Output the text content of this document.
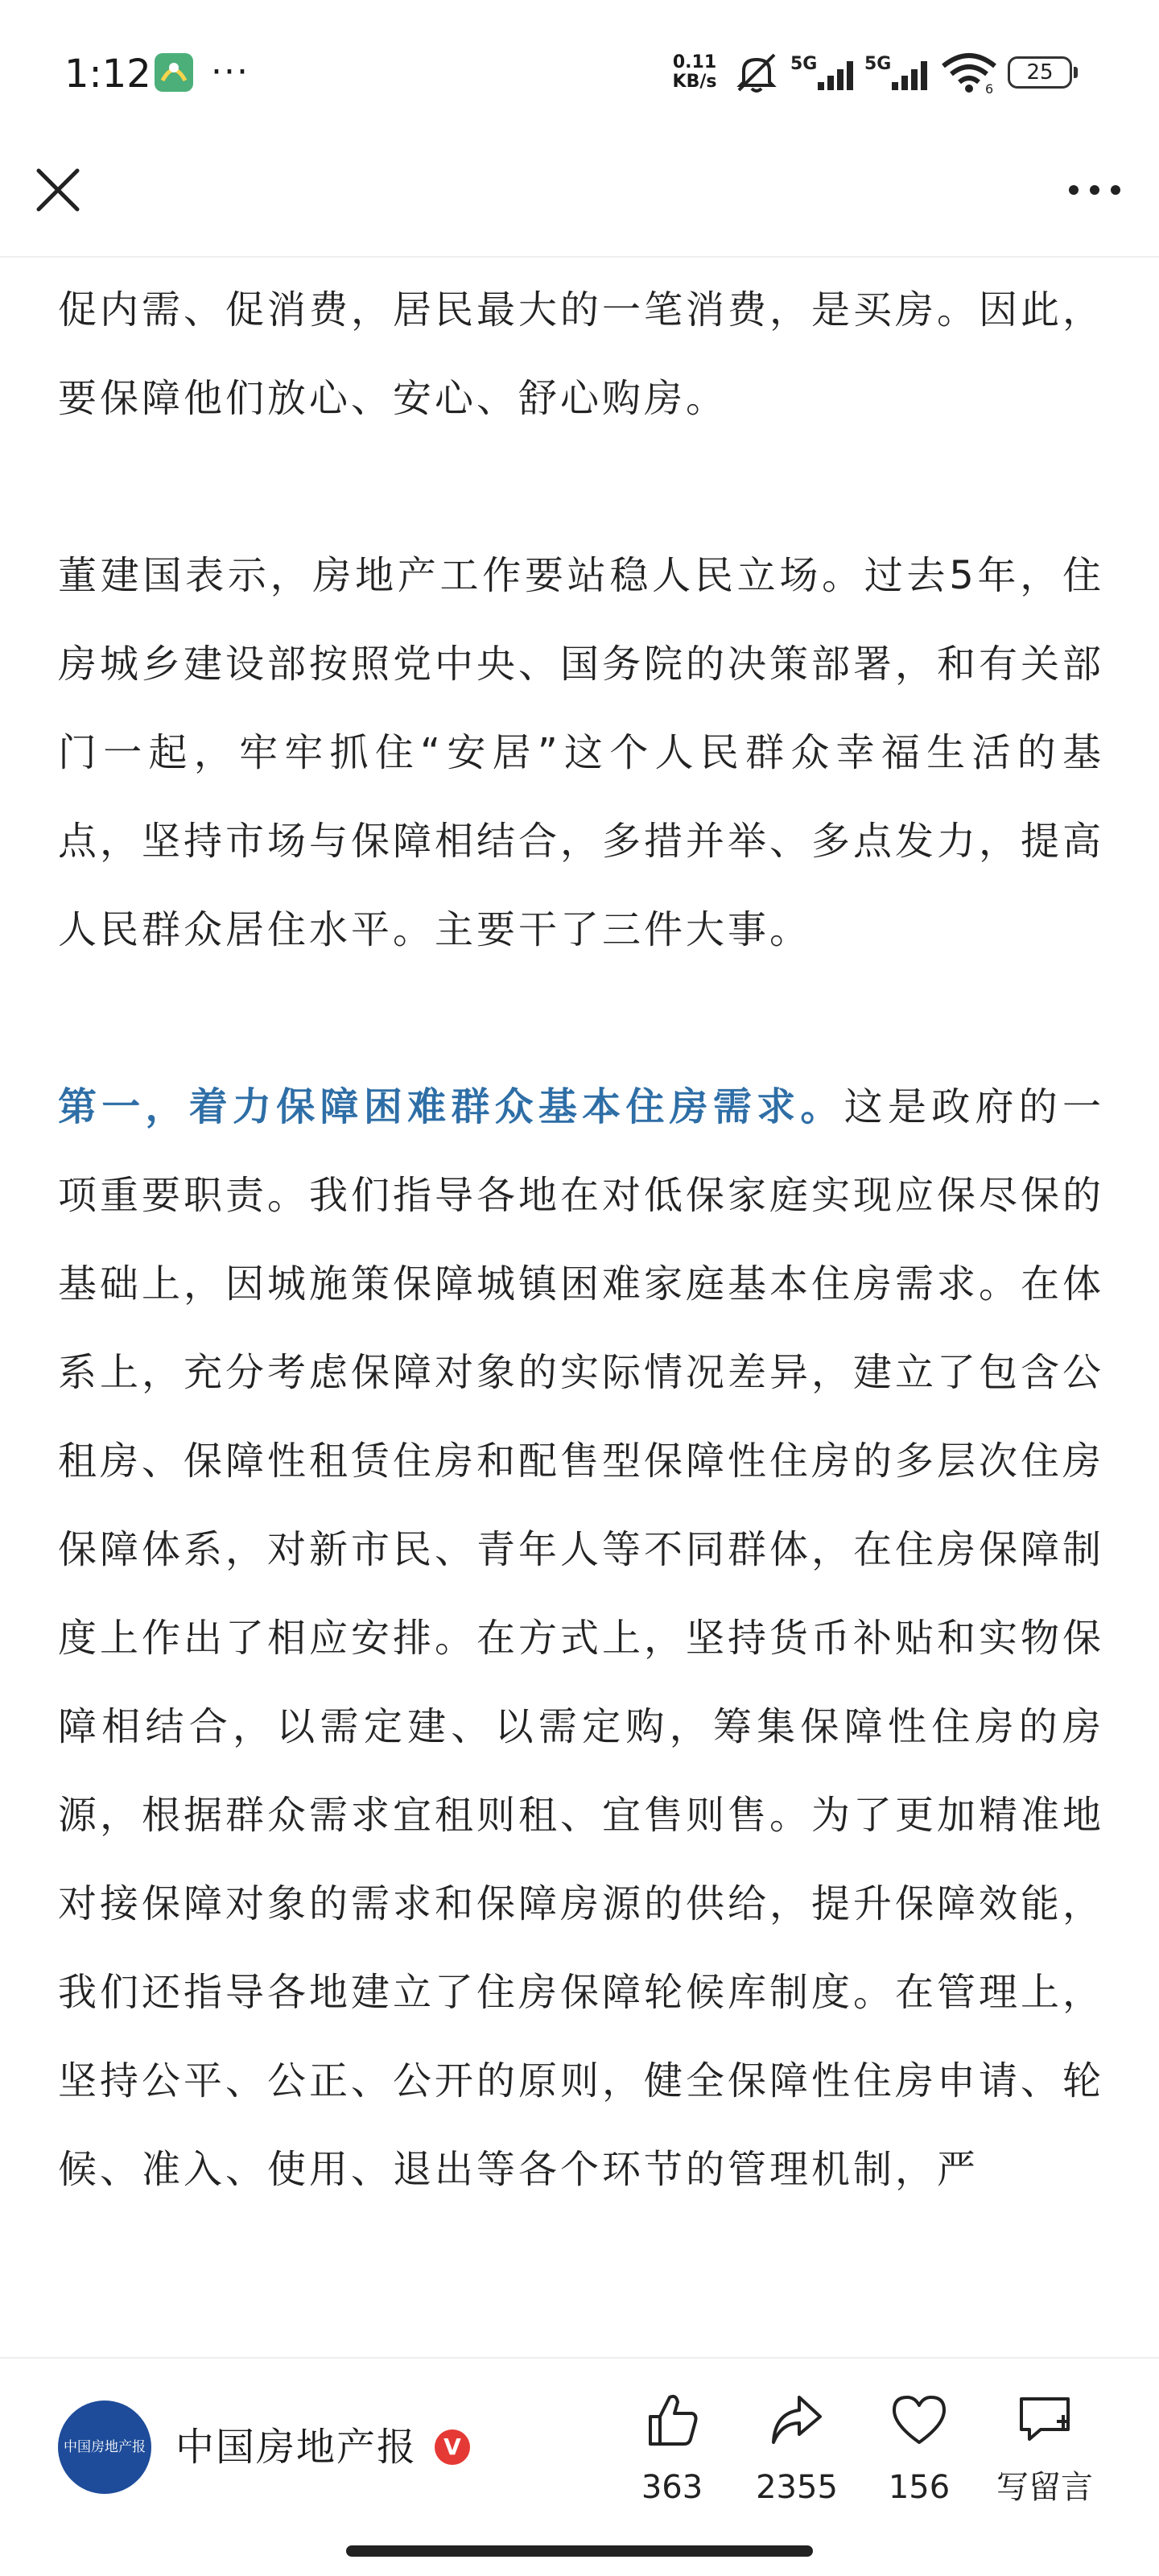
1:12 ···	0.11
KB/s
5G	5G
6
25

促内需、促消费，居民最大的一笔消费，是买房。因此，要保障他们放心、安心、舒心购房。

董建国表示，房地产工作要站稳人民立场。过去5年，住房城乡建设部按照党中央、国务院的决策部署，和有关部门一起，牢牢抓住“安居”这个人民群众幸福生活的基点，坚持市场与保障相结合，多措并举、多点发力，提高人民群众居住水平。主要干了三件大事。

第一，着力保障困难群众基本住房需求。这是政府的一项重要职责。我们指导各地在对低保家庭实现应保尽保的基础上，因城施策保障城镇困难家庭基本住房需求。在体系上，充分考虑保障对象的实际情况差异，建立了包含公租房、保障性租赁住房和配售型保障性住房的多层次住房保障体系，对新市民、青年人等不同群体，在住房保障制度上作出了相应安排。在方式上，坚持货币补贴和实物保障相结合，以需定建、以需定购，筹集保障性住房的房源，根据群众需求宜租则租、宜售则售。为了更加精准地对接保障对象的需求和保障房源的供给，提升保障效能，我们还指导各地建立了住房保障轮候库制度。在管理上，坚持公平、公正、公开的原则，健全保障性住房申请、轮候、准入、使用、退出等各个环节的管理机制，严

中国房地产报 中国房地产报	V
363	2355	156	写留言
